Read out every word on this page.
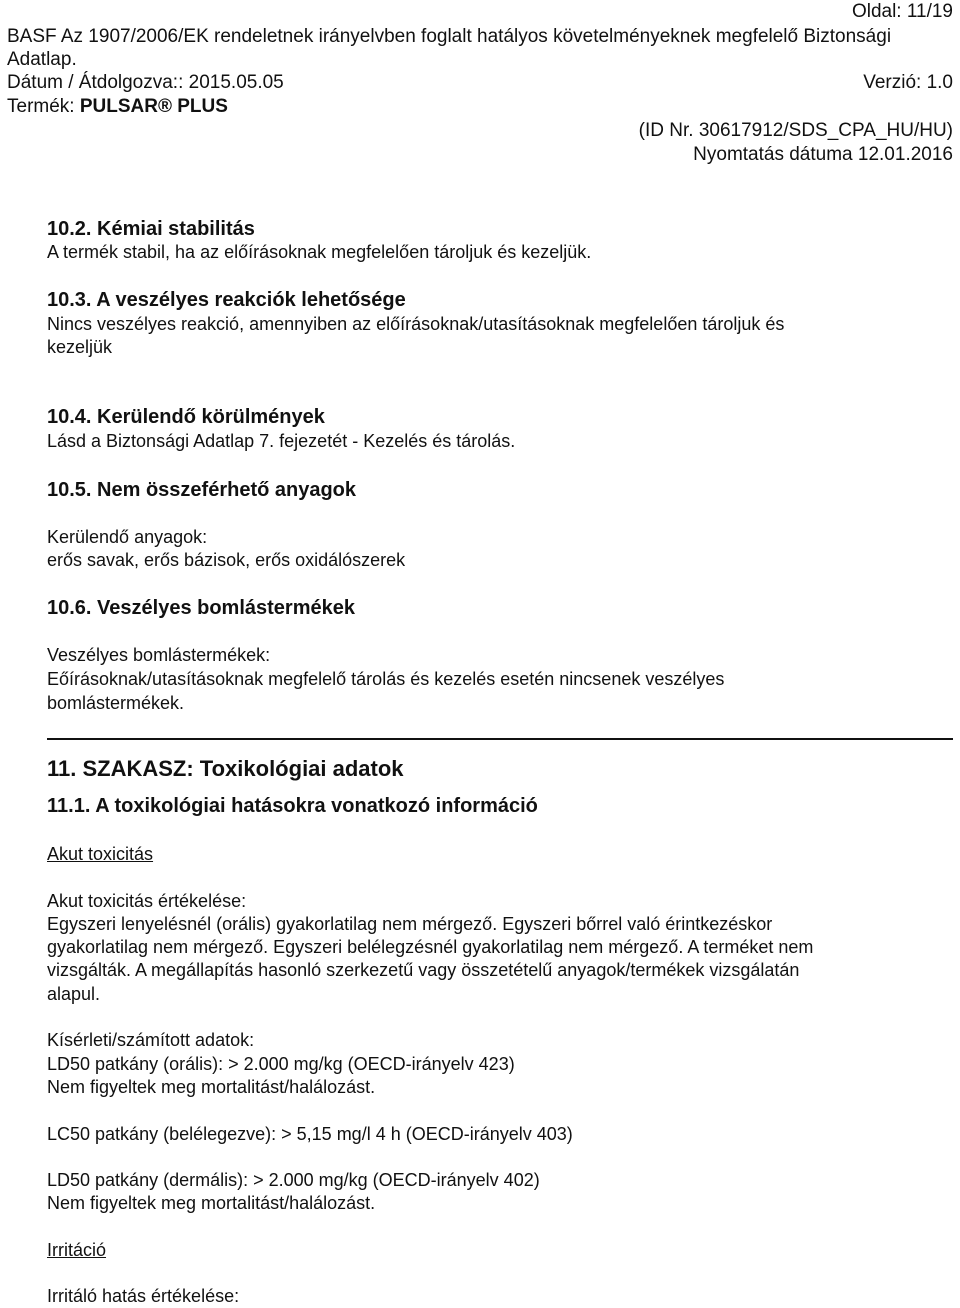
Oldal: 11/19
BASF Az 1907/2006/EK rendeletnek irányelvben foglalt hatályos követelményeknek megfelelő Biztonsági
Adatlap.
Dátum / Átdolgozva:: 2015.05.05	Verzió: 1.0
Termék: PULSAR® PLUS
(ID Nr. 30617912/SDS_CPA_HU/HU)
Nyomtatás dátuma 12.01.2016
10.2. Kémiai stabilitás
A termék stabil, ha az előírásoknak megfelelően tároljuk és kezeljük.
10.3. A veszélyes reakciók lehetősége
Nincs veszélyes reakció, amennyiben az előírásoknak/utasításoknak megfelelően tároljuk és
kezeljük
10.4. Kerülendő körülmények
Lásd a Biztonsági Adatlap 7. fejezetét - Kezelés és tárolás.
10.5. Nem összeférhető anyagok
Kerülendő anyagok:
erős savak, erős bázisok, erős oxidálószerek
10.6. Veszélyes bomlástermékek
Veszélyes bomlástermékek:
Eőírásoknak/utasításoknak megfelelő tárolás és kezelés esetén nincsenek veszélyes
bomlástermékek.
11. SZAKASZ: Toxikológiai adatok
11.1. A toxikológiai hatásokra vonatkozó információ
Akut toxicitás
Akut toxicitás értékelése:
Egyszeri lenyelésnél (orális) gyakorlatilag nem mérgező. Egyszeri bőrrel való érintkezéskor
gyakorlatilag nem mérgező. Egyszeri belélegzésnél gyakorlatilag nem mérgező. A terméket nem
vizsgálták. A megállapítás hasonló szerkezetű vagy összetételű anyagok/termékek vizsgálatán
alapul.
Kísérleti/számított adatok:
LD50 patkány (orális): > 2.000 mg/kg (OECD-irányelv 423)
Nem figyeltek meg mortalitást/halálozást.
LC50 patkány (belélegezve): > 5,15 mg/l 4 h (OECD-irányelv 403)
LD50 patkány (dermális): > 2.000 mg/kg (OECD-irányelv 402)
Nem figyeltek meg mortalitást/halálozást.
Irritáció
Irritáló hatás értékelése:
